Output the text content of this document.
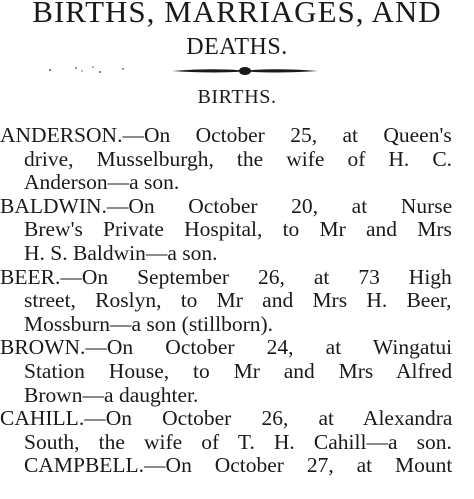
BIRTHS, MARRIAGES, AND
DEATHS.
BIRTHS.
ANDERSON.—On October 25, at Queen's
drive, Musselburgh, the wife of H. C.
Anderson—a son.
BALDWIN.—On October 20, at Nurse
Brew's Private Hospital, to Mr and Mrs
H. S. Baldwin—a son.
BEER.—On September 26, at 73 High
street, Roslyn, to Mr and Mrs H. Beer,
Mossburn—a son (stillborn).
BROWN.—On October 24, at Wingatui
Station House, to Mr and Mrs Alfred
Brown—a daughter.
CAHILL.—On October 26, at Alexandra
South, the wife of T. H. Cahill—a son.
CAMPBELL.—On October 27, at Mount
